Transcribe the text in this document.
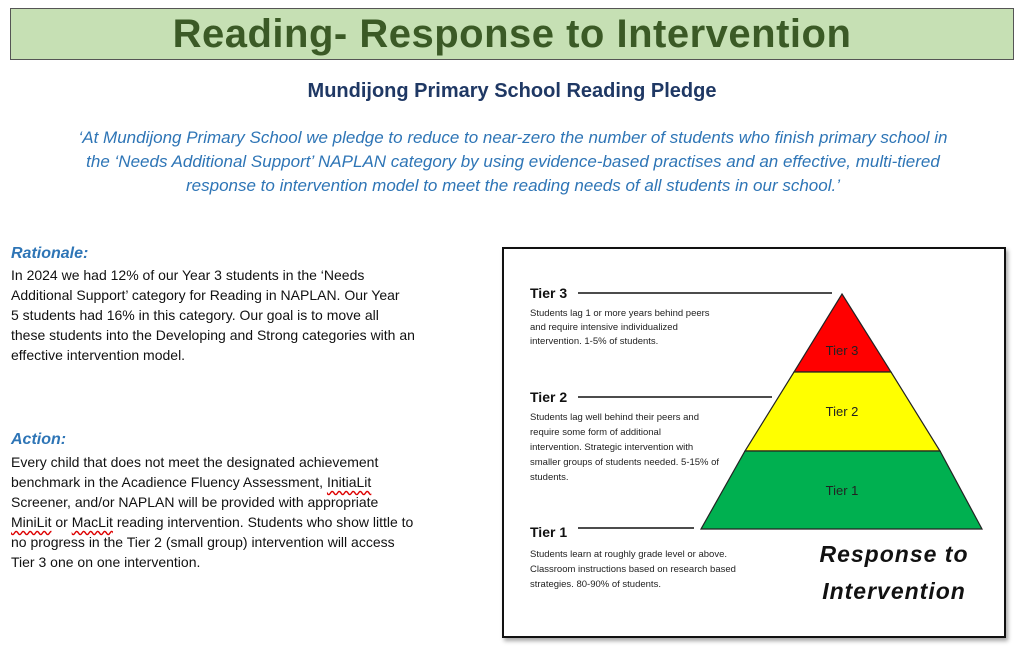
Reading- Response to Intervention
Mundijong Primary School Reading Pledge

‘At Mundijong Primary School we pledge to reduce to near-zero the number of students who finish primary school in
the ‘Needs Additional Support’ NAPLAN category by using evidence-based practises and an effective, multi-tiered
response to intervention model to meet the reading needs of all students in our school.’

Rationale:

In 2024 we had 12% of our Year 3 students in the ‘Needs
Additional Support’ category for Reading in NAPLAN. Our Year
5 students had 16% in this category. Our goal is to move all
these students into the Developing and Strong categories with an
effective intervention model.

Action:

Every child that does not meet the designated achievement
benchmark in the Acadience Fluency Assessment, InitiaLit
Screener, and/or NAPLAN will be provided with appropriate
MiniLit or MacLit reading intervention. Students who show little to
no progress in the Tier 2 (small group) intervention will access
Tier 3 one on one intervention.

Tier 3
Tier 2
Tier 1
Tier 3
Tier 2
Tier 1
Students lag 1 or more years behind peers
and require intensive individualized
intervention. 1-5% of students.
Students lag well behind their peers and
require some form of additional
intervention. Strategic intervention with
smaller groups of students needed. 5-15% of
students.
Students learn at roughly grade level or above.
Classroom instructions based on research based
strategies. 80-90% of students.
Response to
Intervention
